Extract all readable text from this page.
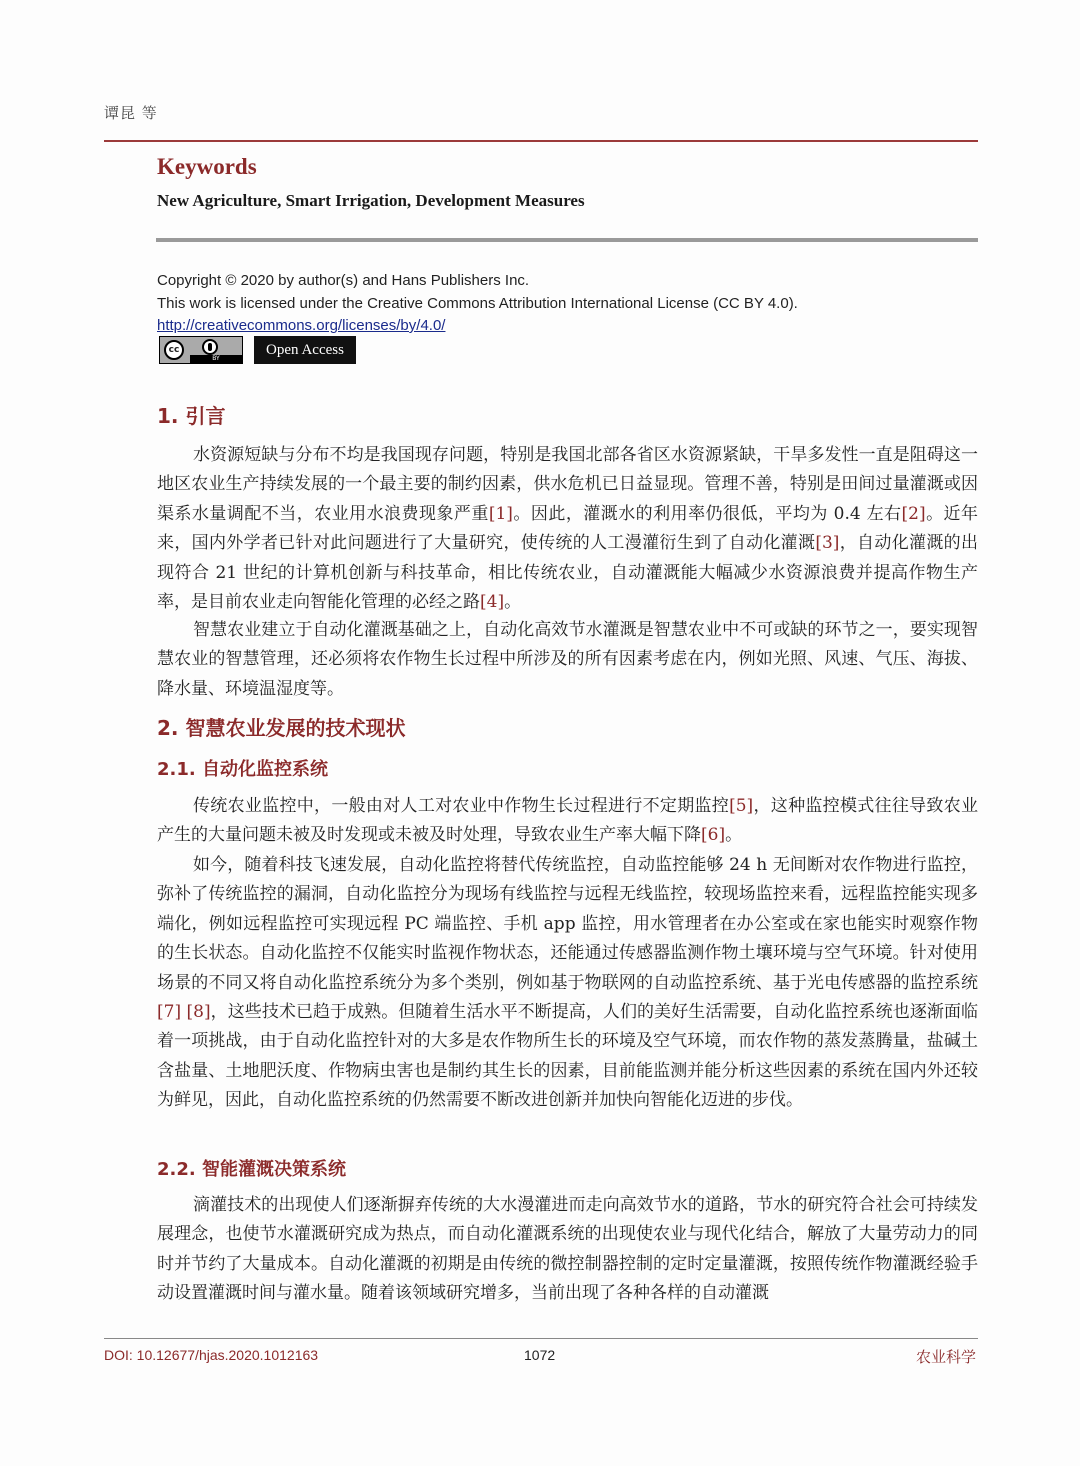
谭昆 等
Keywords
New Agriculture, Smart Irrigation, Development Measures
Copyright © 2020 by author(s) and Hans Publishers Inc.
This work is licensed under the Creative Commons Attribution International License (CC BY 4.0).
http://creativecommons.org/licenses/by/4.0/
cc
BY
Open Access
1. 引言
水资源短缺与分布不均是我国现存问题，特别是我国北部各省区水资源紧缺，干旱多发性一直是阻碍这一地区农业生产持续发展的一个最主要的制约因素，供水危机已日益显现。管理不善，特别是田间过量灌溉或因渠系水量调配不当，农业用水浪费现象严重[1]。因此，灌溉水的利用率仍很低，平均为 0.4 左右[2]。近年来，国内外学者已针对此问题进行了大量研究，使传统的人工漫灌衍生到了自动化灌溉[3]，自动化灌溉的出现符合 21 世纪的计算机创新与科技革命，相比传统农业，自动灌溉能大幅减少水资源浪费并提高作物生产率，是目前农业走向智能化管理的必经之路[4]。
智慧农业建立于自动化灌溉基础之上，自动化高效节水灌溉是智慧农业中不可或缺的环节之一，要实现智慧农业的智慧管理，还必须将农作物生长过程中所涉及的所有因素考虑在内，例如光照、风速、气压、海拔、降水量、环境温湿度等。
2. 智慧农业发展的技术现状
2.1. 自动化监控系统
传统农业监控中，一般由对人工对农业中作物生长过程进行不定期监控[5]，这种监控模式往往导致农业产生的大量问题未被及时发现或未被及时处理，导致农业生产率大幅下降[6]。
如今，随着科技飞速发展，自动化监控将替代传统监控，自动监控能够 24 h 无间断对农作物进行监控，弥补了传统监控的漏洞，自动化监控分为现场有线监控与远程无线监控，较现场监控来看，远程监控能实现多端化，例如远程监控可实现远程 PC 端监控、手机 app 监控，用水管理者在办公室或在家也能实时观察作物的生长状态。自动化监控不仅能实时监视作物状态，还能通过传感器监测作物土壤环境与空气环境。针对使用场景的不同又将自动化监控系统分为多个类别，例如基于物联网的自动监控系统、基于光电传感器的监控系统[7] [8]，这些技术已趋于成熟。但随着生活水平不断提高，人们的美好生活需要，自动化监控系统也逐渐面临着一项挑战，由于自动化监控针对的大多是农作物所生长的环境及空气环境，而农作物的蒸发蒸腾量，盐碱土含盐量、土地肥沃度、作物病虫害也是制约其生长的因素，目前能监测并能分析这些因素的系统在国内外还较为鲜见，因此，自动化监控系统的仍然需要不断改进创新并加快向智能化迈进的步伐。
2.2. 智能灌溉决策系统
滴灌技术的出现使人们逐渐摒弃传统的大水漫灌进而走向高效节水的道路，节水的研究符合社会可持续发展理念，也使节水灌溉研究成为热点，而自动化灌溉系统的出现使农业与现代化结合，解放了大量劳动力的同时并节约了大量成本。自动化灌溉的初期是由传统的微控制器控制的定时定量灌溉，按照传统作物灌溉经验手动设置灌溉时间与灌水量。随着该领域研究增多，当前出现了各种各样的自动灌溉
DOI: 10.12677/hjas.2020.1012163	1072	农业科学
